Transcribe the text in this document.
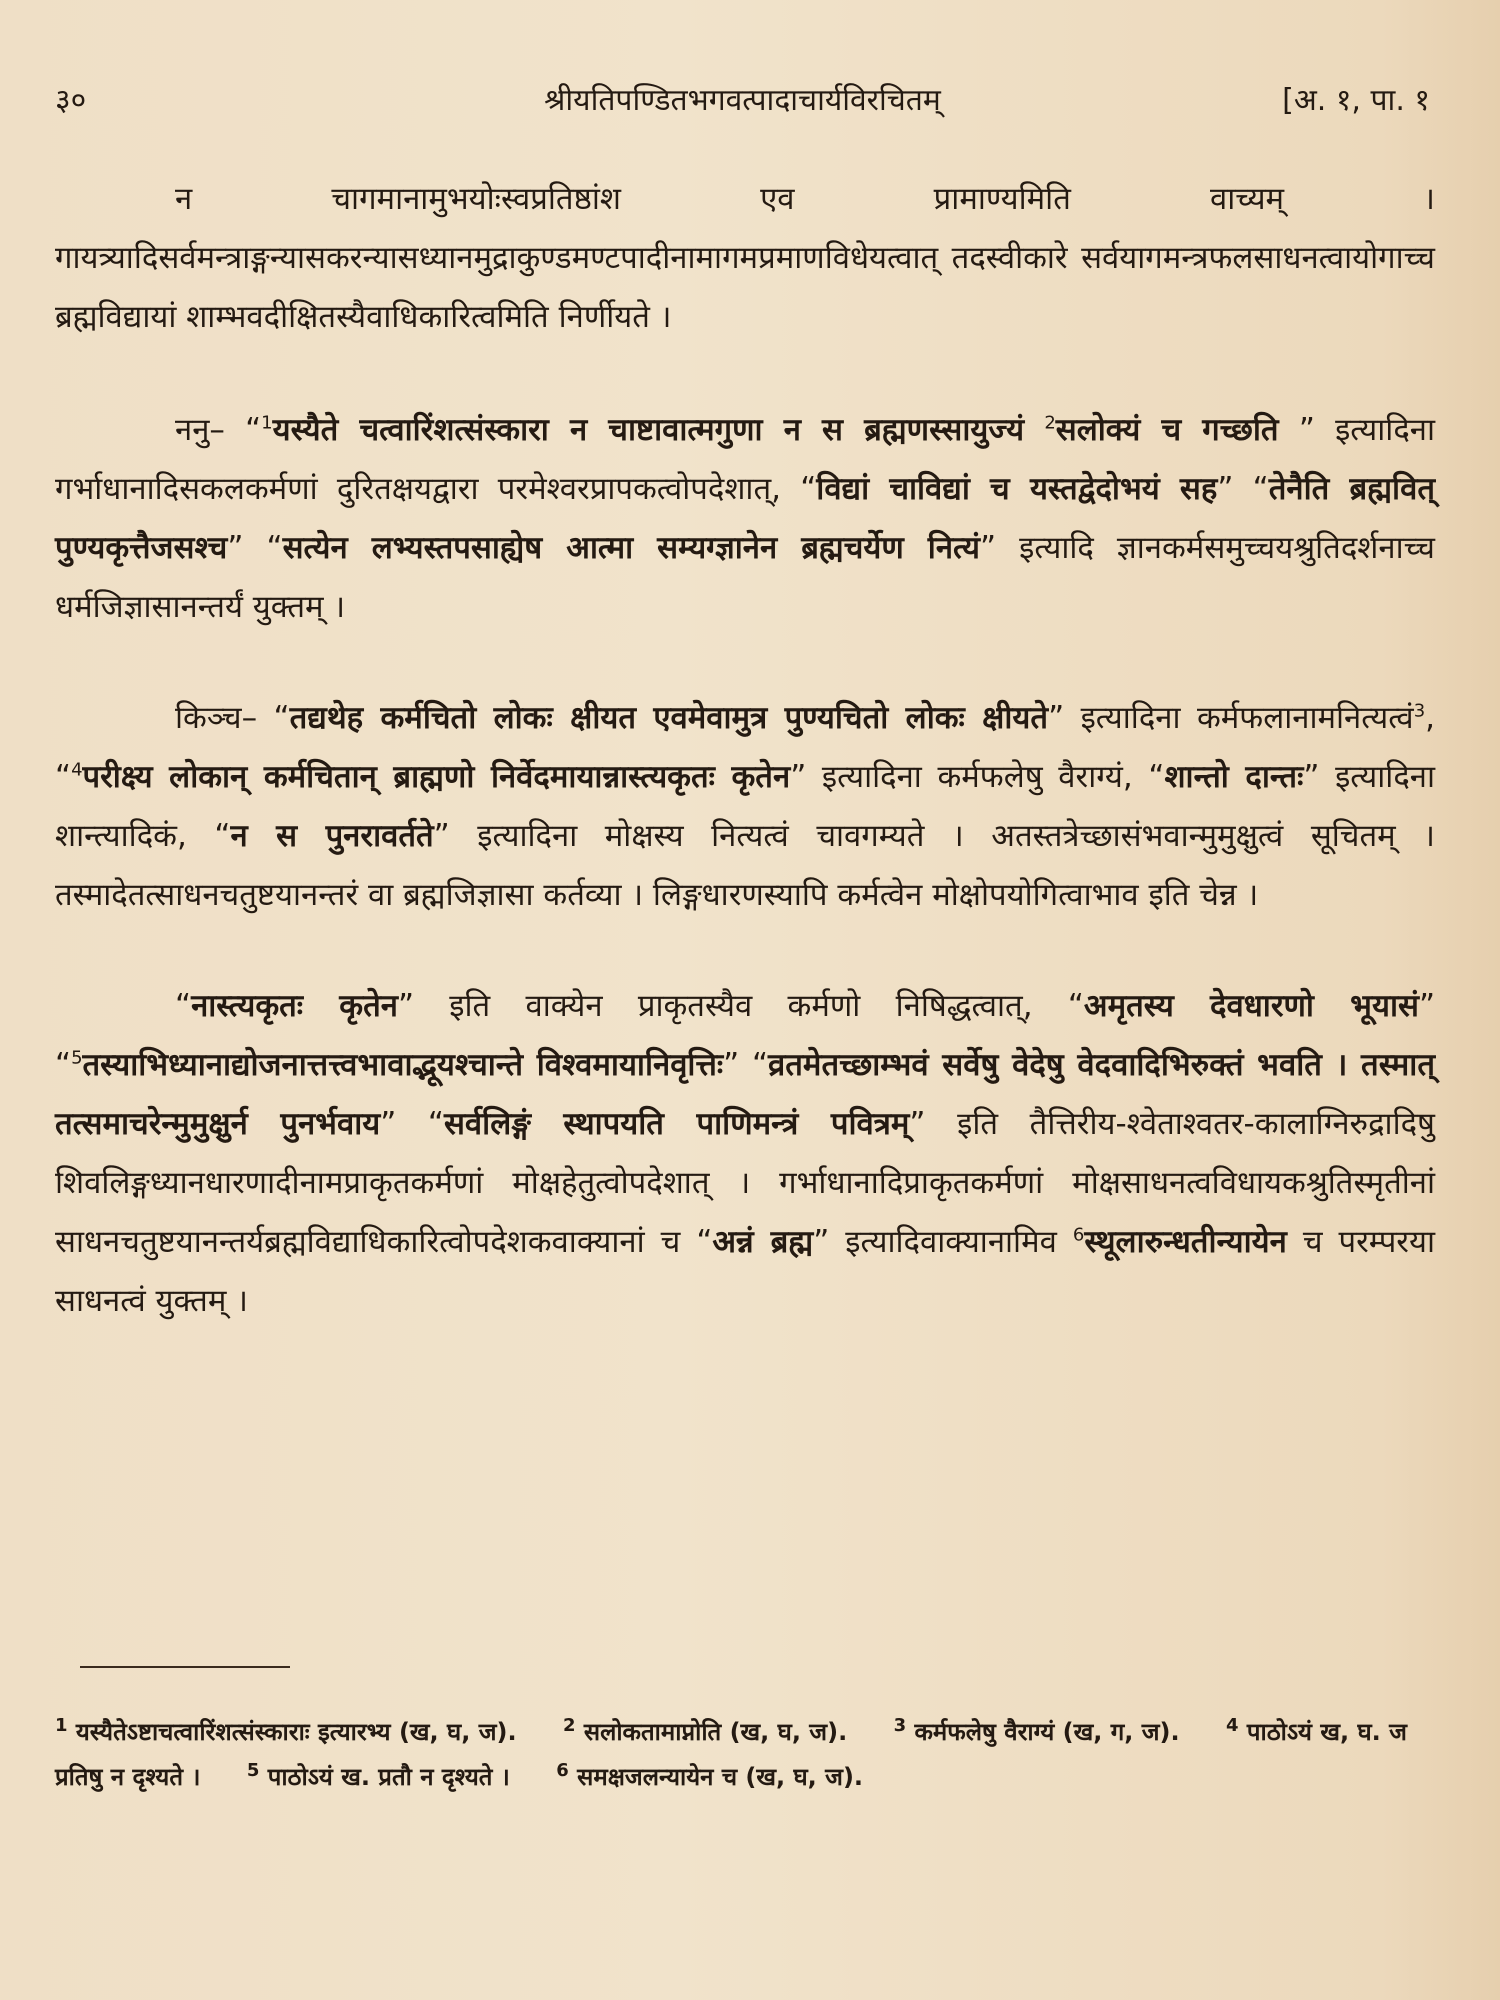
३०	श्रीयतिपण्डितभगवत्पादाचार्यविरचितम्	[अ. १, पा. १

न चागमानामुभयोःस्वप्रतिष्ठांश एव प्रामाण्यमिति वाच्यम् । गायत्र्यादिसर्वमन्त्राङ्गन्यासकरन्यासध्यानमुद्राकुण्डमण्टपादीनामागमप्रमाणविधेयत्वात् तदस्वीकारे सर्वयागमन्त्रफलसाधनत्वायोगाच्च ब्रह्मविद्यायां शाम्भवदीक्षितस्यैवाधिकारित्वमिति निर्णीयते ।

ननु– “$^1$यस्यैते चत्वारिंशत्संस्कारा न चाष्टावात्मगुणा न स ब्रह्मणस्सायुज्यं $^2$सलोक्यं च गच्छति ” इत्यादिना गर्भाधानादिसकलकर्मणां दुरितक्षयद्वारा परमेश्वरप्रापकत्वोपदेशात्, “विद्यां चाविद्यां च यस्तद्वेदोभयं सह” “तेनैति ब्रह्मवित् पुण्यकृत्तैजसश्च” “सत्येन लभ्यस्तपसाह्येष आत्मा सम्यग्ज्ञानेन ब्रह्मचर्येण नित्यं” इत्यादि ज्ञानकर्मसमुच्चयश्रुतिदर्शनाच्च धर्मजिज्ञासानन्तर्यं युक्तम् ।

किञ्च– “तद्यथेह कर्मचितो लोकः क्षीयत एवमेवामुत्र पुण्यचितो लोकः क्षीयते” इत्यादिना कर्मफलानामनित्यत्वं$^3$, “$^4$परीक्ष्य लोकान् कर्मचितान् ब्राह्मणो निर्वेदमायान्नास्त्यकृतः कृतेन” इत्यादिना कर्मफलेषु वैराग्यं, “शान्तो दान्तः” इत्यादिना शान्त्यादिकं, “न स पुनरावर्तते” इत्यादिना मोक्षस्य नित्यत्वं चावगम्यते । अतस्तत्रेच्छासंभवान्मुमुक्षुत्वं सूचितम् । तस्मादेतत्साधनचतुष्टयानन्तरं वा ब्रह्मजिज्ञासा कर्तव्या । लिङ्गधारणस्यापि कर्मत्वेन मोक्षोपयोगित्वाभाव इति चेन्न ।

“नास्त्यकृतः कृतेन” इति वाक्येन प्राकृतस्यैव कर्मणो निषिद्धत्वात्, “अमृतस्य देवधारणो भूयासं” “$^5$तस्याभिध्यानाद्योजनात्तत्त्वभावाद्भूयश्चान्ते विश्वमायानिवृत्तिः” “व्रतमेतच्छाम्भवं सर्वेषु वेदेषु वेदवादिभिरुक्तं भवति । तस्मात् तत्समाचरेन्मुमुक्षुर्न पुनर्भवाय” “सर्वलिङ्गं स्थापयति पाणिमन्त्रं पवित्रम्” इति तैत्तिरीय-श्वेताश्वतर-कालाग्निरुद्रादिषु शिवलिङ्गध्यानधारणादीनामप्राकृतकर्मणां मोक्षहेतुत्वोपदेशात् । गर्भाधानादिप्राकृतकर्मणां मोक्षसाधनत्वविधायकश्रुतिस्मृतीनां साधनचतुष्टयानन्तर्यब्रह्मविद्याधिकारित्वोपदेशकवाक्यानां च “अन्नं ब्रह्म” इत्यादिवाक्यानामिव $^6$स्थूलारुन्धतीन्यायेन च परम्परया साधनत्वं युक्तम् ।

$^1$ यस्यैतेऽष्टाचत्वारिंशत्संस्काराः इत्यारभ्य (ख, घ, ज).	$^2$ सलोकतामाप्नोति (ख, घ, ज).	$^3$ कर्मफलेषु वैराग्यं (ख, ग, ज).	$^4$ पाठोऽयं ख, घ. ज प्रतिषु न दृश्यते ।	$^5$ पाठोऽयं ख. प्रतौ न दृश्यते ।	$^6$ समक्षजलन्यायेन च (ख, घ, ज).
